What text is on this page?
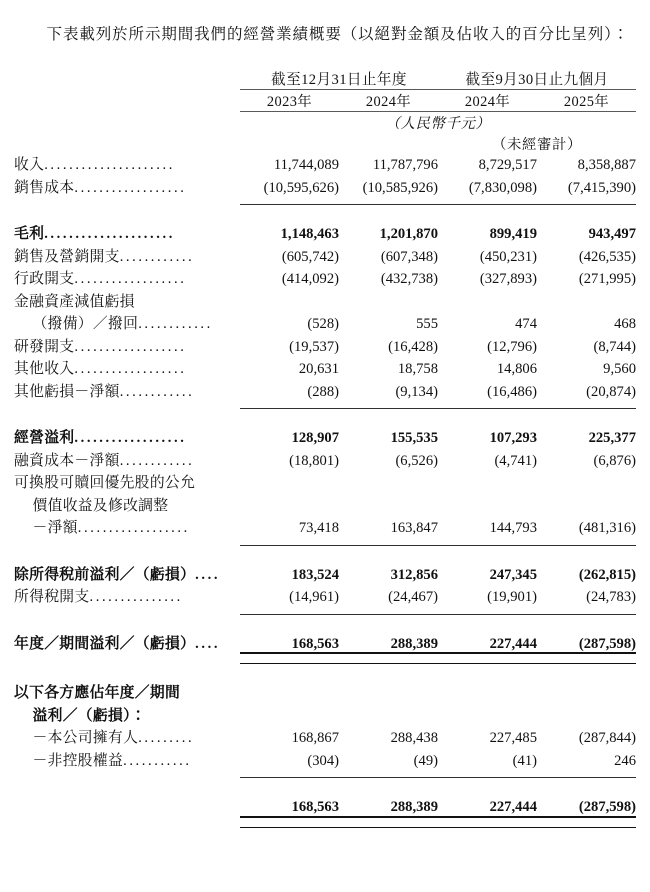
下表載列於所示期間我們的經營業績概要（以絕對金額及佔收入的百分比呈列）：

	截至12月31日止年度		截至9月30日止九個月	
	2023年	2024年	2024年	2025年
	（人民幣千元）			
			（未經審計）	
收入.....................	11,744,089	11,787,796	8,729,517	8,358,887
銷售成本..................	(10,595,626)	(10,585,926)	(7,830,098)	(7,415,390)

毛利.....................	1,148,463	1,201,870	899,419	943,497
銷售及營銷開支............	(605,742)	(607,348)	(450,231)	(426,535)
行政開支..................	(414,092)	(432,738)	(327,893)	(271,995)
金融資產減值虧損				
（撥備）／撥回............	(528)	555	474	468
研發開支..................	(19,537)	(16,428)	(12,796)	(8,744)
其他收入..................	20,631	18,758	14,806	9,560
其他虧損－淨額............	(288)	(9,134)	(16,486)	(20,874)

經營溢利..................	128,907	155,535	107,293	225,377
融資成本－淨額............	(18,801)	(6,526)	(4,741)	(6,876)
可換股可贖回優先股的公允				
價值收益及修改調整				
－淨額..................	73,418	163,847	144,793	(481,316)

除所得稅前溢利／（虧損）....	183,524	312,856	247,345	(262,815)
所得稅開支...............	(14,961)	(24,467)	(19,901)	(24,783)

年度／期間溢利／（虧損）....	168,563	288,389	227,444	(287,598)

以下各方應佔年度／期間				
溢利／（虧損）：				
－本公司擁有人.........	168,867	288,438	227,485	(287,844)
－非控股權益...........	(304)	(49)	(41)	246

	168,563	288,389	227,444	(287,598)
